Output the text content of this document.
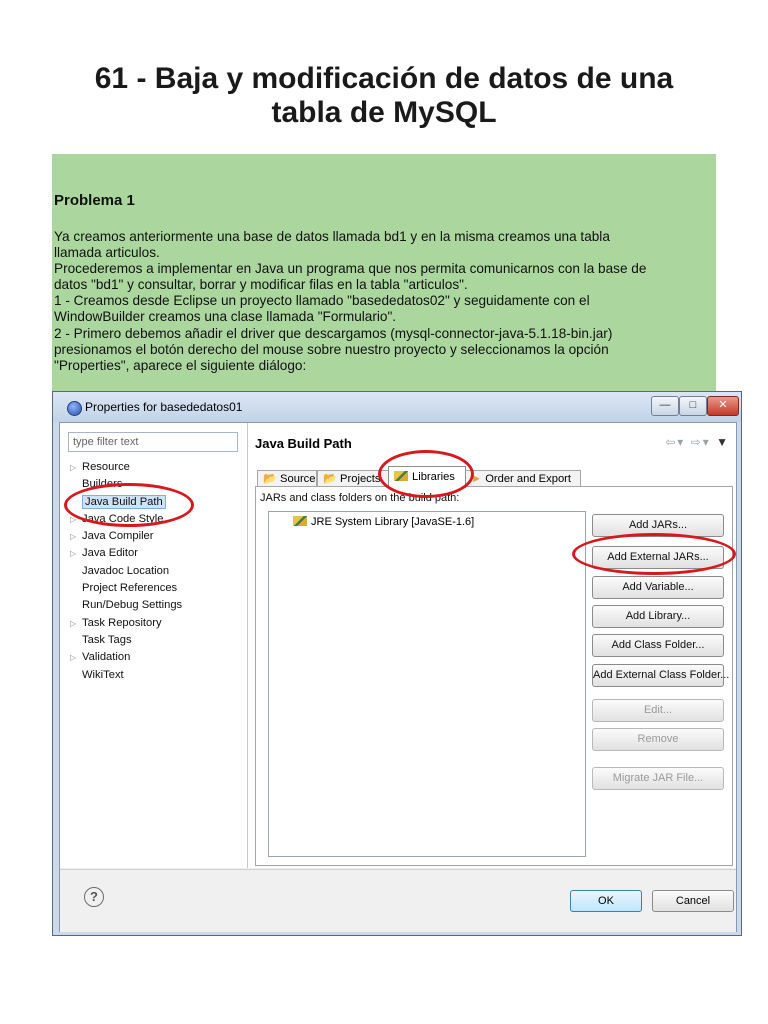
61 - Baja y modificación de datos de una
tabla de MySQL
Problema 1
Ya creamos anteriormente una base de datos llamada bd1 y en la misma creamos una tabla
llamada articulos.
Procederemos a implementar en Java un programa que nos permita comunicarnos con la base de
datos "bd1" y consultar, borrar y modificar filas en la tabla "articulos".
1 - Creamos desde Eclipse un proyecto llamado "basededatos02" y seguidamente con el
WindowBuilder creamos una clase llamada "Formulario".
2 - Primero debemos añadir el driver que descargamos (mysql-connector-java-5.1.18-bin.jar)
presionamos el botón derecho del mouse sobre nuestro proyecto y seleccionamos la opción
"Properties", aparece el siguiente diálogo:
Properties for basededatos01	—	□	✕
type filter text
▷ Resource
Builders
Java Build Path
▷ Java Code Style
▷ Java Compiler
▷ Java Editor
Javadoc Location
Project References
Run/Debug Settings
▷ Task Repository
Task Tags
▷ Validation
WikiText
Java Build Path	⇦▾ ⇨▾ ▼
📂 Source 📂 Projects	Libraries	► Order and Export
JARs and class folders on the build path:
JRE System Library [JavaSE-1.6]	Add JARs...
Add External JARs...
Add Variable...
Add Library...
Add Class Folder...
Add External Class Folder...
Edit...
Remove
Migrate JAR File...
?	OK	Cancel
